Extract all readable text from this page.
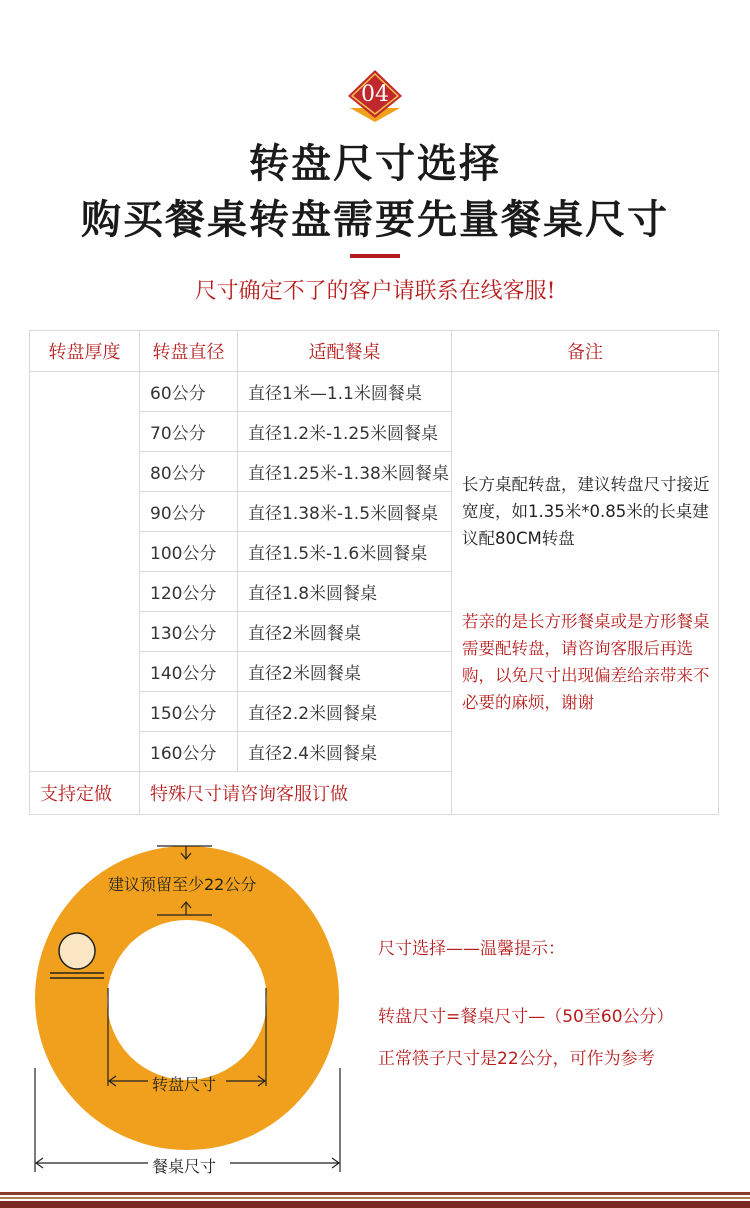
04
转盘尺寸选择
购买餐桌转盘需要先量餐桌尺寸
尺寸确定不了的客户请联系在线客服!
转盘厚度	转盘直径	适配餐桌	备注
	60公分	直径1米—1.1米圆餐桌	长方桌配转盘，建议转盘尺寸接近宽度，如1.35米*0.85米的长桌建议配80CM转盘
若亲的是长方形餐桌或是方形餐桌需要配转盘，请咨询客服后再选购，以免尺寸出现偏差给亲带来不必要的麻烦，谢谢

	70公分	直径1.2米-1.25米圆餐桌	
	80公分	直径1.25米-1.38米圆餐桌	
	90公分	直径1.38米-1.5米圆餐桌	
	100公分	直径1.5米-1.6米圆餐桌	
	120公分	直径1.8米圆餐桌	
	130公分	直径2米圆餐桌	
	140公分	直径2米圆餐桌	
	150公分	直径2.2米圆餐桌	
	160公分	直径2.4米圆餐桌	
支持定做	特殊尺寸请咨询客服订做		
建议预留至少22公分
转盘尺寸
餐桌尺寸
尺寸选择——温馨提示：
转盘尺寸=餐桌尺寸—（50至60公分）
正常筷子尺寸是22公分，可作为参考
